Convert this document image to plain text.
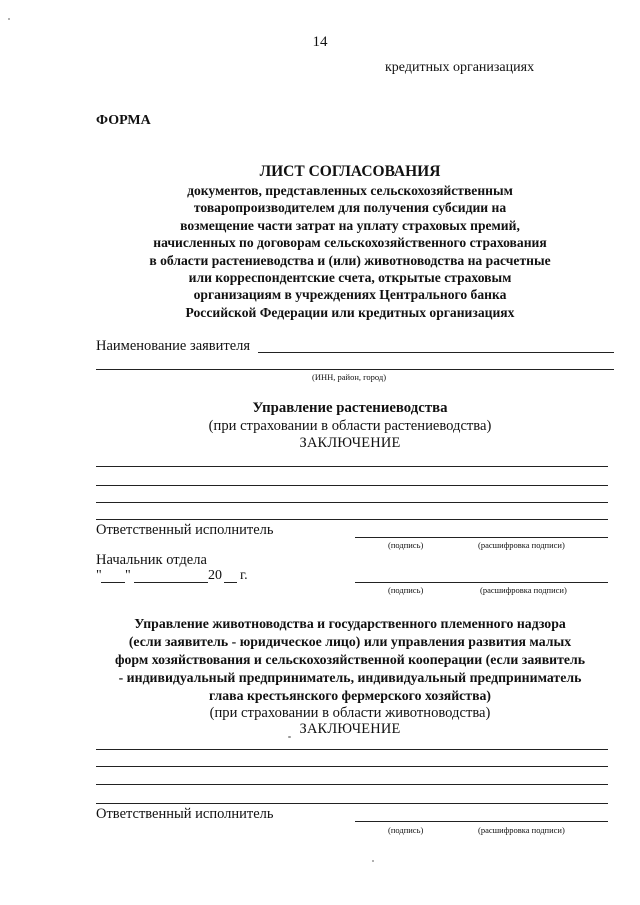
14
кредитных организациях
ФОРМА
ЛИСТ СОГЛАСОВАНИЯ
документов, представленных сельскохозяйственным
товаропроизводителем для получения субсидии на
возмещение части затрат на уплату страховых премий,
начисленных по договорам сельскохозяйственного страхования
в области растениеводства и (или) животноводства на расчетные
или корреспондентские счета, открытые страховым
организациям в учреждениях Центрального банка
Российской Федерации или кредитных организациях
Наименование заявителя
(ИНН, район, город)
Управление растениеводства
(при страховании в области растениеводства)
ЗАКЛЮЧЕНИЕ
Ответственный исполнитель
(подпись)	(расшифровка подписи)
Начальник отдела
" "	20 г.
(подпись)	(расшифровка подписи)
Управление животноводства и государственного племенного надзора
(если заявитель - юридическое лицо) или управления развития малых
форм хозяйствования и сельскохозяйственной кооперации (если заявитель
- индивидуальный предприниматель, индивидуальный предприниматель
глава крестьянского фермерского хозяйства)
(при страховании в области животноводства)
ЗАКЛЮЧЕНИЕ
Ответственный исполнитель
(подпись)	(расшифровка подписи)
